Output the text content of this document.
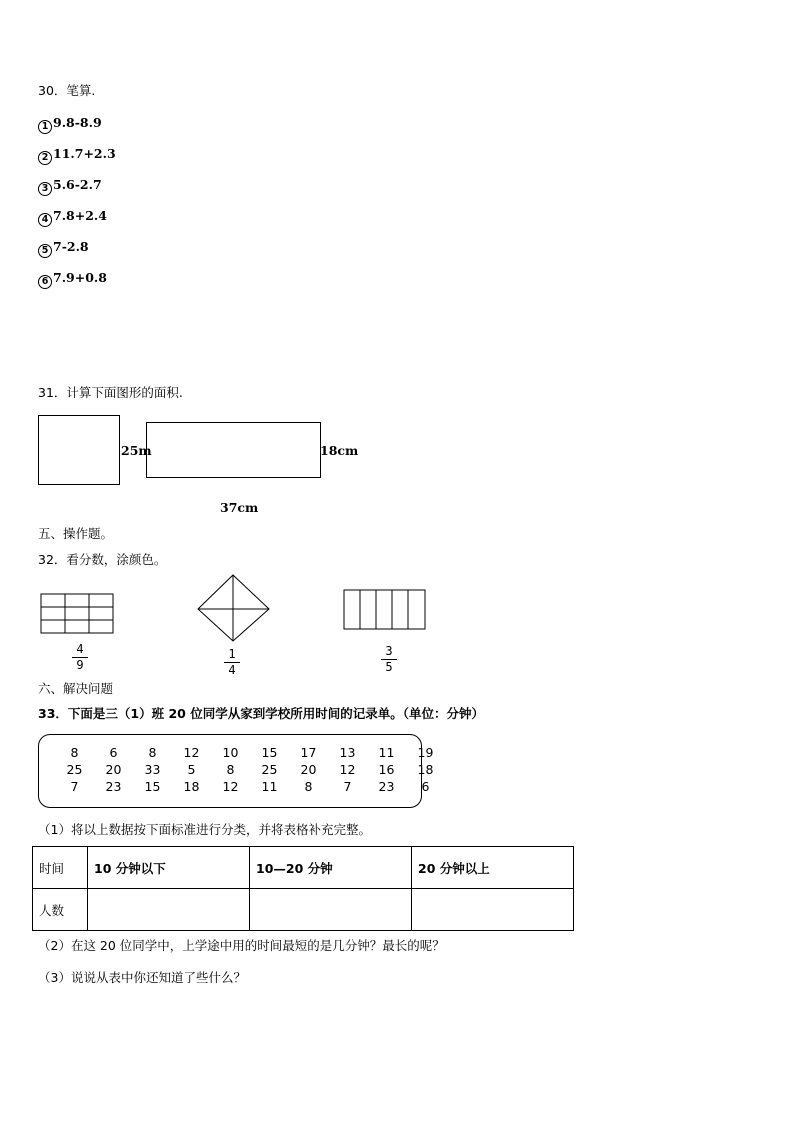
30．笔算.
1 9.8-8.9
2 11.7+2.3
3 5.6-2.7
4 7.8+2.4
5 7-2.8
6 7.9+0.8
31．计算下面图形的面积.
25m	18cm
37cm
五、操作题。
32．看分数，涂颜色。
4
9
1
4
3
5
六、解决问题
33．下面是三（1）班 20 位同学从家到学校所用时间的记录单。（单位：分钟）
8	6	8	12	10	15	17	13	11	19
25	20	33	5	8	25	20	12	16	18
7	23	15	18	12	11	8	7	23	6
（1）将以上数据按下面标准进行分类，并将表格补充完整。
时间	10 分钟以下	10—20 分钟	20 分钟以上
人数			
（2）在这 20 位同学中，上学途中用的时间最短的是几分钟？最长的呢？
（3）说说从表中你还知道了些什么？
